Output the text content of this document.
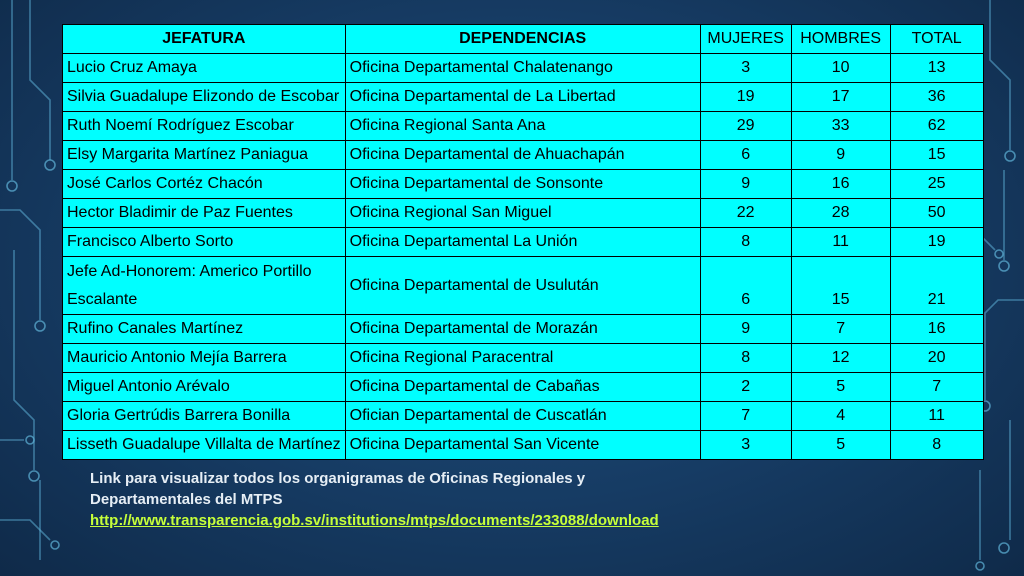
JEFATURA	DEPENDENCIAS	MUJERES	HOMBRES	TOTAL
Lucio Cruz Amaya	Oficina Departamental Chalatenango	3	10	13
Silvia Guadalupe Elizondo de Escobar	Oficina Departamental de La Libertad	19	17	36
Ruth Noemí Rodríguez Escobar	Oficina Regional Santa Ana	29	33	62
Elsy Margarita Martínez Paniagua	Oficina Departamental de Ahuachapán	6	9	15
José Carlos Cortéz Chacón	Oficina Departamental de Sonsonte	9	16	25
Hector Bladimir de Paz Fuentes	Oficina Regional San Miguel	22	28	50
Francisco Alberto Sorto	Oficina Departamental La Unión	8	11	19
Jefe Ad-Honorem: Americo Portillo Escalante	Oficina Departamental de Usulután	6	15	21
Rufino Canales Martínez	Oficina Departamental de Morazán	9	7	16
Mauricio Antonio Mejía Barrera	Oficina Regional Paracentral	8	12	20
Miguel Antonio Arévalo	Oficina Departamental de Cabañas	2	5	7
Gloria Gertrúdis Barrera Bonilla	Ofician Departamental de Cuscatlán	7	4	11
Lisseth Guadalupe Villalta de Martínez	Oficina Departamental San Vicente	3	5	8
Link para visualizar todos los organigramas de Oficinas Regionales y Departamentales del MTPS
http://www.transparencia.gob.sv/institutions/mtps/documents/233088/download
